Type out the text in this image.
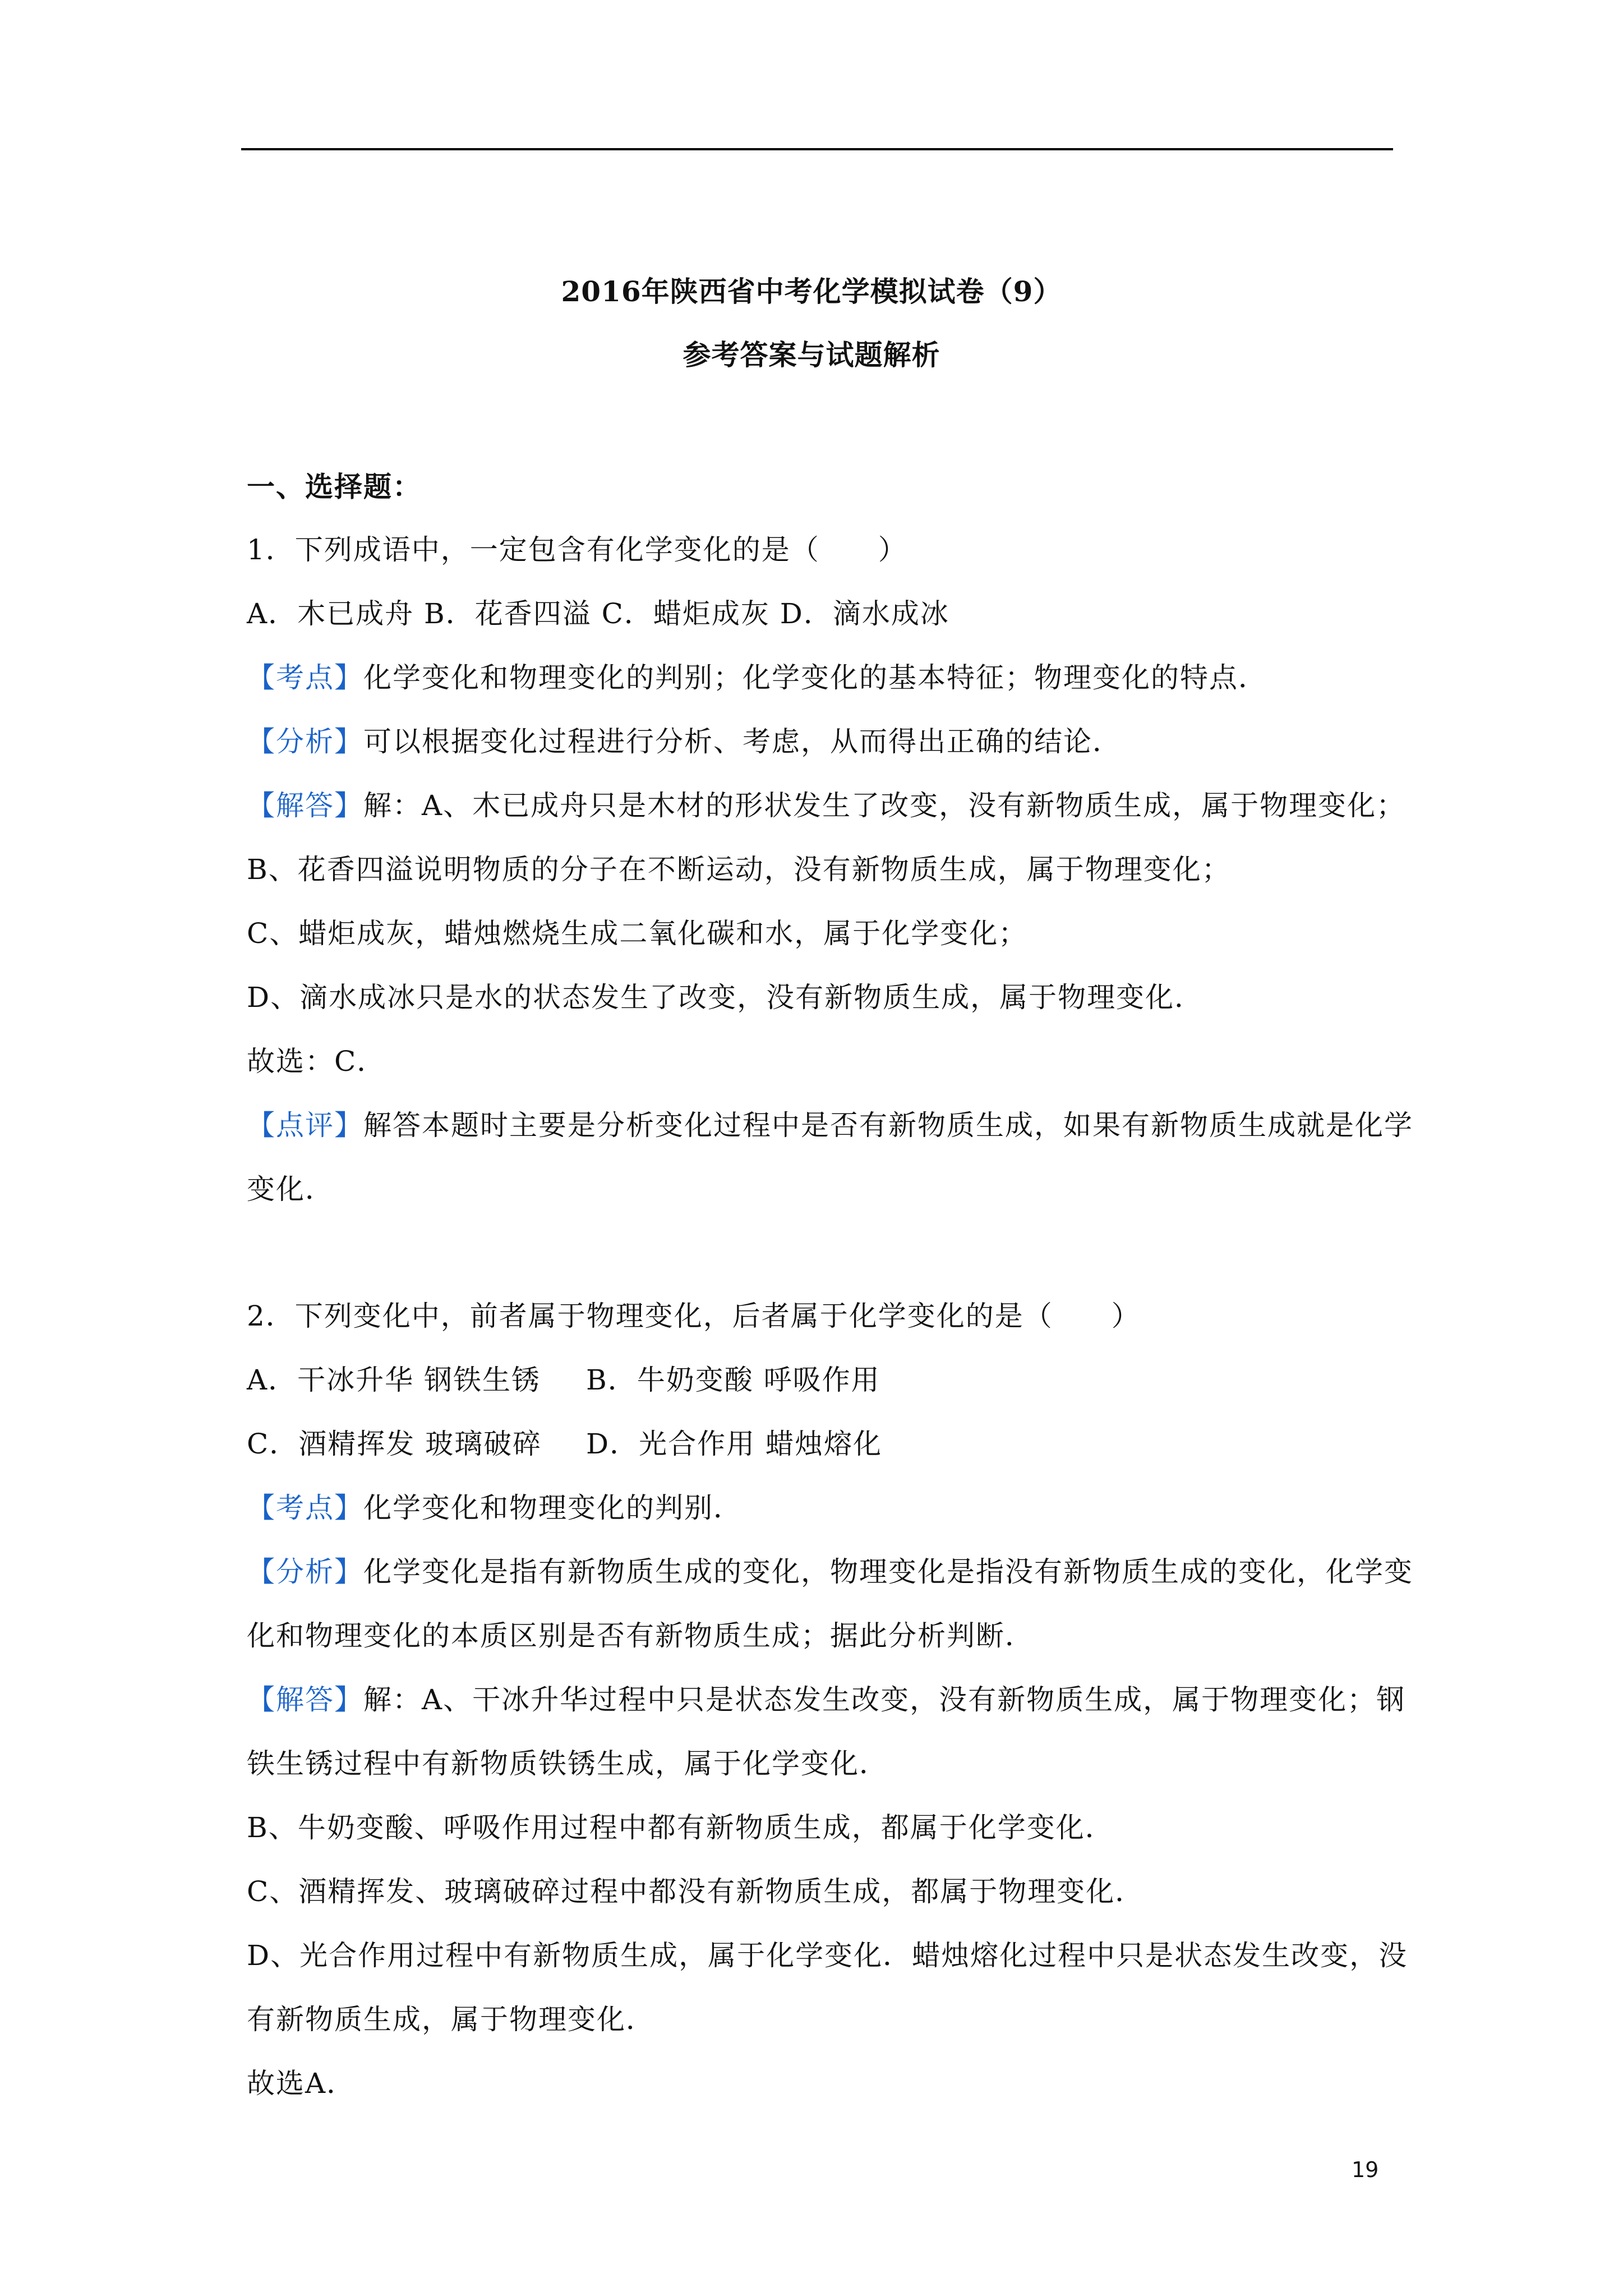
2016年陕西省中考化学模拟试卷（9）
参考答案与试题解析
一、选择题：
1．下列成语中，一定包含有化学变化的是（　　）
A．木已成舟 B．花香四溢 C．蜡炬成灰 D．滴水成冰
【考点】化学变化和物理变化的判别；化学变化的基本特征；物理变化的特点．
【分析】可以根据变化过程进行分析、考虑，从而得出正确的结论．
【解答】解：A、木已成舟只是木材的形状发生了改变，没有新物质生成，属于物理变化；
B、花香四溢说明物质的分子在不断运动，没有新物质生成，属于物理变化；
C、蜡炬成灰，蜡烛燃烧生成二氧化碳和水，属于化学变化；
D、滴水成冰只是水的状态发生了改变，没有新物质生成，属于物理变化．
故选：C．
【点评】解答本题时主要是分析变化过程中是否有新物质生成，如果有新物质生成就是化学
变化．
2．下列变化中，前者属于物理变化，后者属于化学变化的是（　　）
A．干冰升华 钢铁生锈 B．牛奶变酸 呼吸作用
C．酒精挥发 玻璃破碎 D．光合作用 蜡烛熔化
【考点】化学变化和物理变化的判别．
【分析】化学变化是指有新物质生成的变化，物理变化是指没有新物质生成的变化，化学变
化和物理变化的本质区别是否有新物质生成；据此分析判断．
【解答】解：A、干冰升华过程中只是状态发生改变，没有新物质生成，属于物理变化；钢
铁生锈过程中有新物质铁锈生成，属于化学变化．
B、牛奶变酸、呼吸作用过程中都有新物质生成，都属于化学变化．
C、酒精挥发、玻璃破碎过程中都没有新物质生成，都属于物理变化．
D、光合作用过程中有新物质生成，属于化学变化．蜡烛熔化过程中只是状态发生改变，没
有新物质生成，属于物理变化．
故选A．
19
